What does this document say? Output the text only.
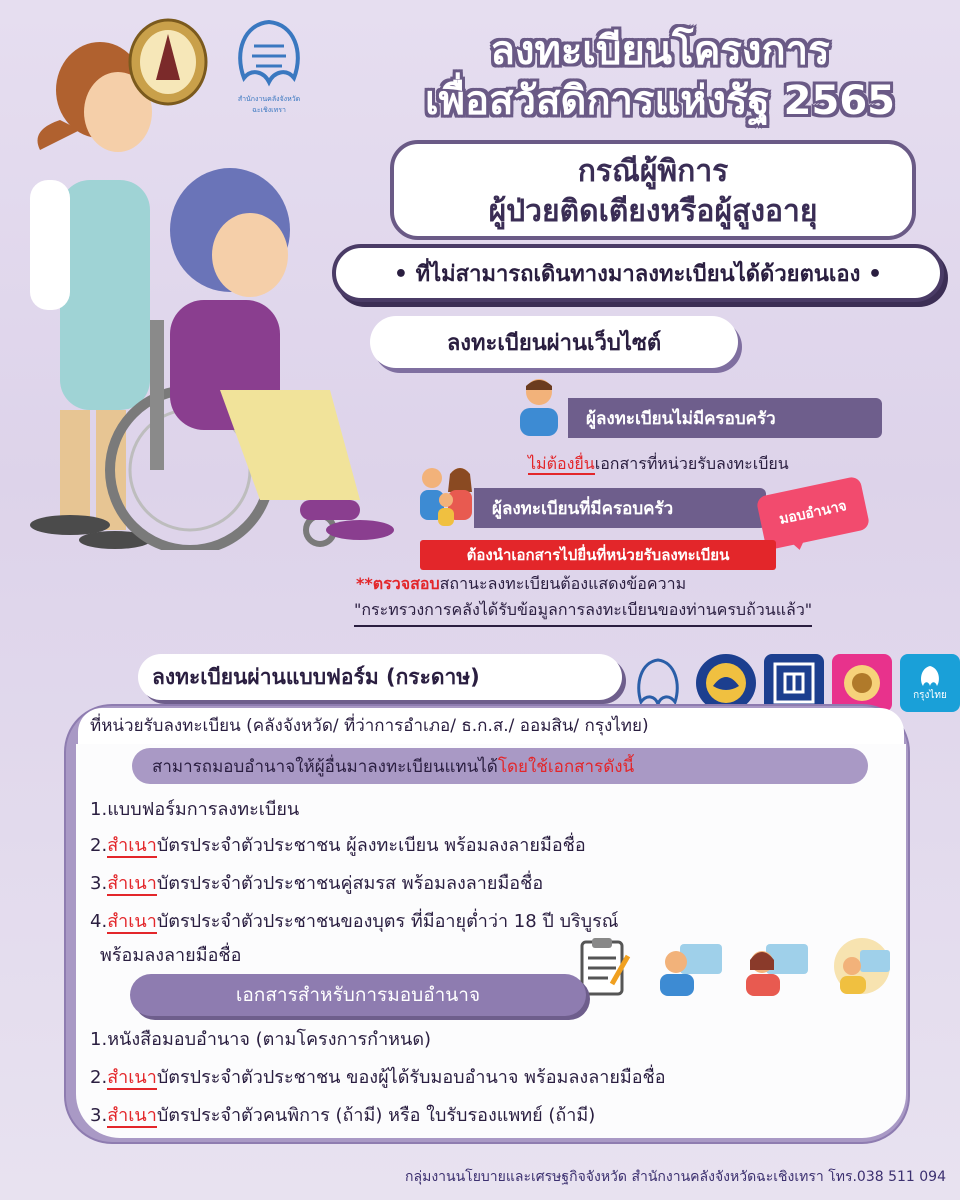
สำนักงานคลังจังหวัดฉะเชิงเทรา
ลงทะเบียนโครงการ
เพื่อสวัสดิการแห่งรัฐ 2565
กรณีผู้พิการ
ผู้ป่วยติดเตียงหรือผู้สูงอายุ
• ที่ไม่สามารถเดินทางมาลงทะเบียนได้ด้วยตนเอง •
ลงทะเบียนผ่านเว็บไซต์
ผู้ลงทะเบียนไม่มีครอบครัว
ไม่ต้องยื่นเอกสารที่หน่วยรับลงทะเบียน
ผู้ลงทะเบียนที่มีครอบครัว	มอบอำนาจ
ต้องนำเอกสารไปยื่นที่หน่วยรับลงทะเบียน
**ตรวจสอบสถานะลงทะเบียนต้องแสดงข้อความ
"กระทรวงการคลังได้รับข้อมูลการลงทะเบียนของท่านครบถ้วนแล้ว"
ลงทะเบียนผ่านแบบฟอร์ม (กระดาษ)
กรุงไทย
ที่หน่วยรับลงทะเบียน (คลังจังหวัด/ ที่ว่าการอำเภอ/ ธ.ก.ส./ ออมสิน/ กรุงไทย)
สามารถมอบอำนาจให้ผู้อื่นมาลงทะเบียนแทนได้ โดยใช้เอกสารดังนี้
1.แบบฟอร์มการลงทะเบียน
2.สำเนาบัตรประจำตัวประชาชน ผู้ลงทะเบียน พร้อมลงลายมือชื่อ
3.สำเนาบัตรประจำตัวประชาชนคู่สมรส พร้อมลงลายมือชื่อ
4.สำเนาบัตรประจำตัวประชาชนของบุตร ที่มีอายุต่ำว่า 18 ปี บริบูรณ์
พร้อมลงลายมือชื่อ
เอกสารสำหรับการมอบอำนาจ
1.หนังสือมอบอำนาจ (ตามโครงการกำหนด)
2.สำเนาบัตรประจำตัวประชาชน ของผู้ได้รับมอบอำนาจ พร้อมลงลายมือชื่อ
3.สำเนาบัตรประจำตัวคนพิการ (ถ้ามี) หรือ ใบรับรองแพทย์ (ถ้ามี)
กลุ่มงานนโยบายและเศรษฐกิจจังหวัด สำนักงานคลังจังหวัดฉะเชิงเทรา โทร.038 511 094
